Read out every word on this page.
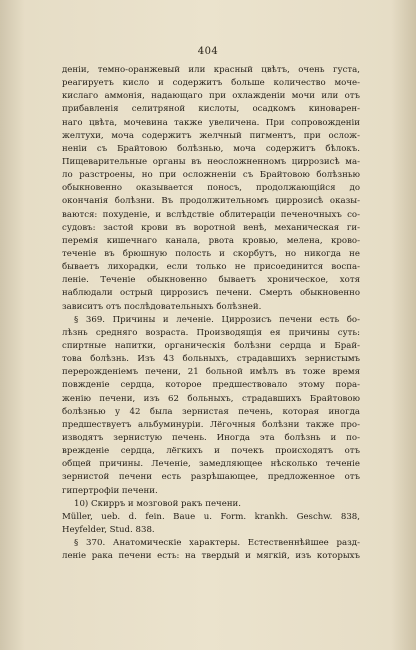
404
деніи, темно-оранжевый или красный цвѣтъ, очень густа,
реагируетъ кисло и содержитъ больше количество моче-
кислаго аммонія, надающаго при охлажденіи мочи или отъ
прибавленія селитряной кислоты, осадкомъ киноварен-
наго цвѣта, мочевина также увеличена. При сопровожденіи
желтухи, моча содержитъ желчный пигментъ, при ослож-
неніи съ Брайтовою болѣзнью, моча содержитъ бѣлокъ.
Пищеварительные органы въ неосложненномъ циррозисѣ ма-
ло разстроены, но при осложненіи съ Брайтовою болѣзнью
обыкновенно оказывается поносъ, продолжающійся до
окончанія болѣзни. Въ продолжительномъ циррозисѣ оказы-
ваются: похуденіе, и вслѣдствіе облитераціи печеночныхъ со-
судовъ: застой крови въ воротной венѣ, механическая ги-
перемія кишечнаго канала, рвота кровью, мелена, крово-
теченіе въ брюшную полость и скорбутъ, но никогда не
бываетъ лихорадки, если только не присоединится воспа-
леніе. Теченіе обыкновенно бываетъ хроническое, хотя
наблюдали острый циррозисъ печени. Смерть обыкновенно
зависитъ отъ послѣдовательныхъ болѣзней.
§ 369. Причины и леченіе. Циррозисъ печени есть бо-
лѣзнь средняго возраста. Производящія ея причины суть:
спиртные напитки, органическія болѣзни сердца и Брай-
това болѣзнь. Изъ 43 больныхъ, страдавшихъ зернистымъ
перерожденіемъ печени, 21 больной имѣлъ въ тоже время
повжденіе сердца, которое предшествовало этому пора-
женію печени, изъ 62 больныхъ, страдавшихъ Брайтовою
болѣзнью у 42 была зернистая печень, которая иногда
предшествуетъ альбуминуріи. Лёгочныя болѣзни также про-
изводятъ зернистую печень. Иногда эта болѣзнь и по-
врежденіе сердца, лёгкихъ и почекъ происходятъ отъ
общей причины. Леченіе, замедляющее нѣсколько теченіе
зернистой печени есть разрѣшающее, предложенное отъ
гипертрофіи печени.
10) Скирръ и мозговой ракъ печени.
Müller, ueb. d. fein. Baue u. Form. krankh. Geschw. 838,
Heyfelder, Stud. 838.
§ 370. Анатомическіе характеры. Естественнѣйшее разд-
леніе рака печени есть: на твердый и мягкій, изъ которыхъ
